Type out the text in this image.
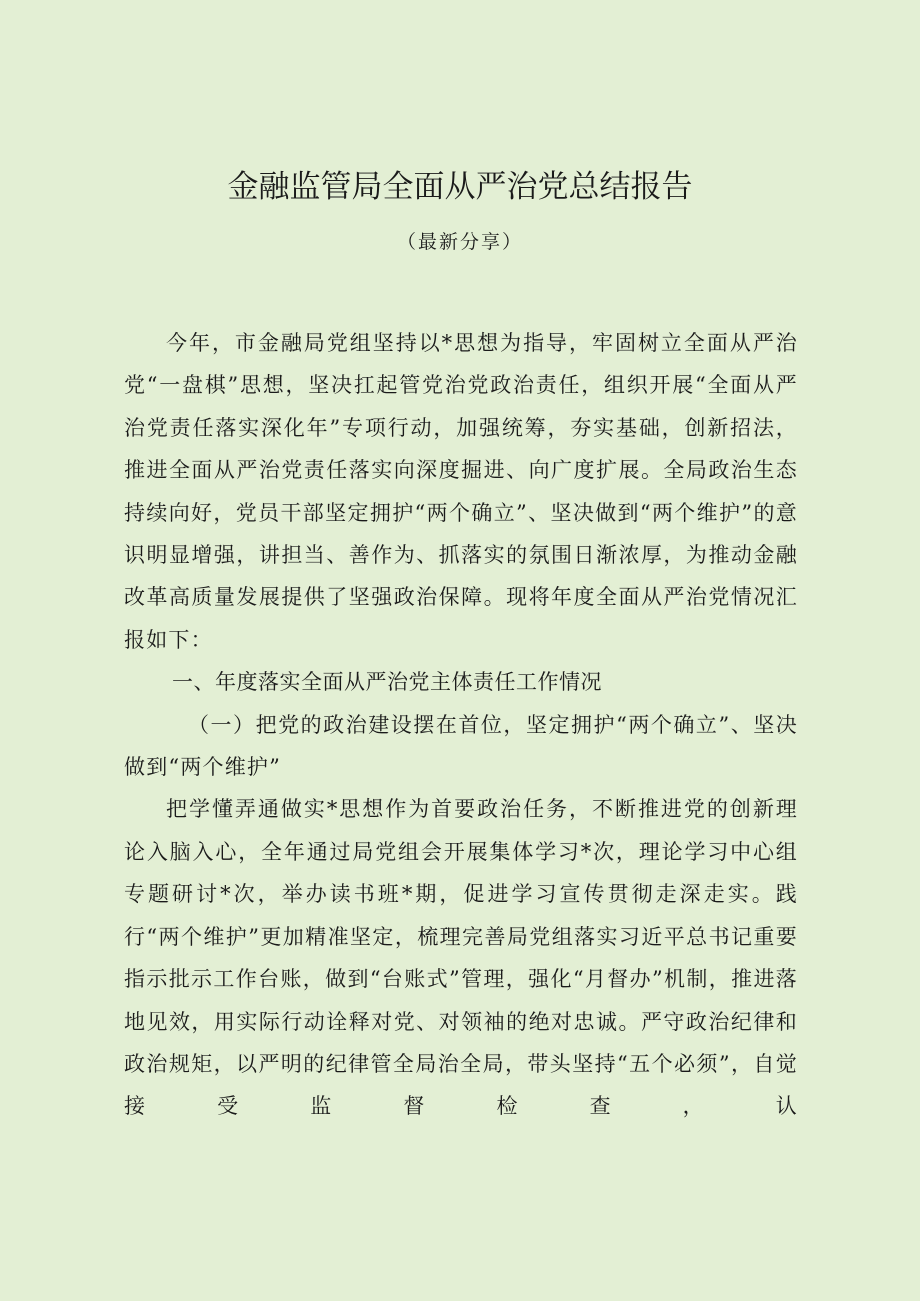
金融监管局全面从严治党总结报告
（最新分享）

今年，市金融局党组坚持以*思想为指导，牢固树立全面从严治党“一盘棋”思想，坚决扛起管党治党政治责任，组织开展“全面从严治党责任落实深化年”专项行动，加强统筹，夯实基础，创新招法，推进全面从严治党责任落实向深度掘进、向广度扩展。全局政治生态持续向好，党员干部坚定拥护“两个确立”、坚决做到“两个维护”的意识明显增强，讲担当、善作为、抓落实的氛围日渐浓厚，为推动金融改革高质量发展提供了坚强政治保障。现将年度全面从严治党情况汇报如下：

一、年度落实全面从严治党主体责任工作情况
（一）把党的政治建设摆在首位，坚定拥护“两个确立”、坚决做到“两个维护”

把学懂弄通做实*思想作为首要政治任务，不断推进党的创新理论入脑入心，全年通过局党组会开展集体学习*次，理论学习中心组专题研讨*次，举办读书班*期，促进学习宣传贯彻走深走实。践行“两个维护”更加精准坚定，梳理完善局党组落实习近平总书记重要指示批示工作台账，做到“台账式”管理，强化“月督办”机制，推进落地见效，用实际行动诠释对党、对领袖的绝对忠诚。严守政治纪律和政治规矩，以严明的纪律管全局治全局，带头坚持“五个必须”，自觉接受监督检查，认
